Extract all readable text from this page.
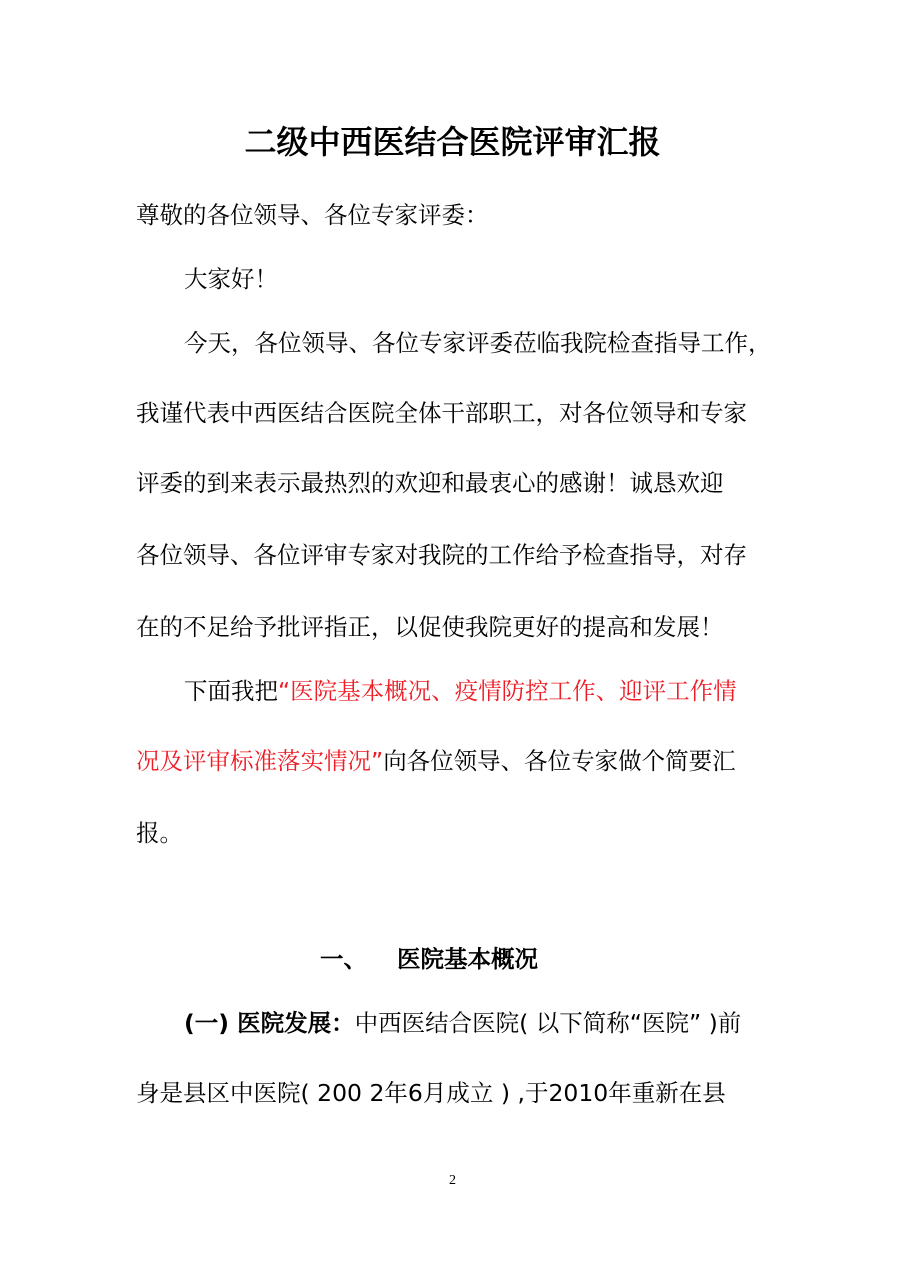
二级中西医结合医院评审汇报
尊敬的各位领导、各位专家评委：
大家好！
今天，各位领导、各位专家评委莅临我院检查指导工作，
我谨代表中西医结合医院全体干部职工，对各位领导和专家
评委的到来表示最热烈的欢迎和最衷心的感谢！诚恳欢迎
各位领导、各位评审专家对我院的工作给予检查指导，对存
在的不足给予批评指正，以促使我院更好的提高和发展！
下面我把“医院基本概况、疫情防控工作、迎评工作情
况及评审标准落实情况”向各位领导、各位专家做个简要汇
报。
一、 医院基本概况
(一) 医院发展：中西医结合医院( 以下简称“医院” )前
身是县区中医院( 200 2年6月成立 ) ,于2010年重新在县
2
